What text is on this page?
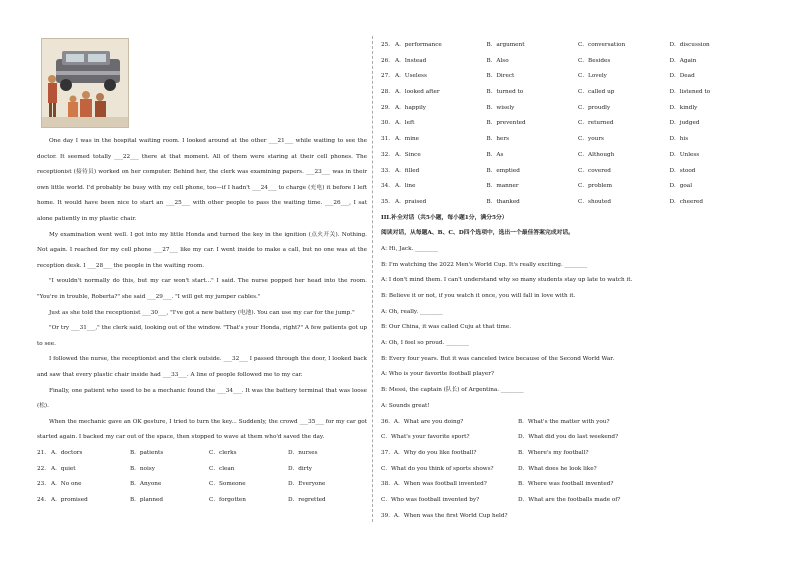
One day I was in the hospital waiting room. I looked around at the other ___21___ while waiting to see the doctor. It seemed totally ___22___ there at that moment. All of them were staring at their cell phones. The receptionist (接待员) worked on her computer. Behind her, the clerk was examining papers. ___23___ was in their own little world. I'd probably be busy with my cell phone, too—if I hadn't ___24___ to charge (充电) it before I left home. It would have been nice to start an ___25___ with other people to pass the waiting time. ___26___, I sat alone patiently in my plastic chair.

My examination went well. I got into my little Honda and turned the key in the ignition (点火开关). Nothing. Not again. I reached for my cell phone ___27___ like my car. I went inside to make a call, but no one was at the reception desk. I ___28___ the people in the waiting room.

"I wouldn't normally do this, but my car won't start..." I said. The nurse popped her head into the room. "You're in trouble, Roberta?" she said ___29___. "I will get my jumper cables."

Just as she told the receptionist ___30___, "I've got a new battery (电池). You can use my car for the jump."

"Or try ___31___," the clerk said, looking out of the window. "That's your Honda, right?" A few patients got up to see.

I followed the nurse, the receptionist and the clerk outside. ___32___ I passed through the door, I looked back and saw that every plastic chair inside had ___33___. A line of people followed me to my car.

Finally, one patient who used to be a mechanic found the ___34___. It was the battery terminal that was loose (松).

When the mechanic gave an OK gesture, I tried to turn the key... Suddenly, the crowd ___35___ for my car got started again. I backed my car out of the space, then stopped to wave at them who'd saved the day.

21. A．doctors	B．patients	C．clerks	D．nurses
22. A．quiet	B．noisy	C．clean	D．dirty
23. A．No one	B．Anyone	C．Someone	D．Everyone
24. A．promised	B．planned	C．forgotten	D．regretted
25． A．performance	B．argument	C．conversation	D．discussion
26． A．Instead	B．Also	C．Besides	D．Again
27． A．Useless	B．Direct	C．Lovely	D．Dead
28． A．looked after	B．turned to	C．called up	D．listened to
29． A．happily	B．wisely	C．proudly	D．kindly
30． A．left	B．prevented	C．returned	D．judged
31． A．mine	B．hers	C．yours	D．his
32． A．Since	B．As	C．Although	D．Unless
33． A．filled	B．emptied	C．covered	D．stood
34． A．line	B．manner	C．problem	D．goal
35． A．praised	B．thanked	C．shouted	D．cheered
III.补全对话（共5小题，每小题1分，满分5分）
阅读对话，从每题A、B、C、D四个选项中，选出一个最佳答案完成对话。
A: Hi, Jack. ________
B: I'm watching the 2022 Men's World Cup. It's really exciting. ________
A: I don't mind them. I can't understand why so many students stay up late to watch it.
B: Believe it or not, if you watch it once, you will fall in love with it.
A: Oh, really. ________
B: Our China, it was called Cuju at that time.
A: Oh, I feel so proud. ________
B: Every four years. But it was canceled twice because of the Second World War.
A: Who is your favorite football player?
B: Messi, the captain (队长) of Argentina. ________
A: Sounds great!
36．A．What are you doing?	B．What's the matter with you?
C．What's your favorite sport?	D．What did you do last weekend?
37．A．Why do you like football?	B．Where's my football?
C．What do you think of sports shows?	D．What does he look like?
38．A．When was football invented?	B．Where was football invented?
C．Who was football invented by?	D．What are the footballs made of?
39．A．When was the first World Cup held?
